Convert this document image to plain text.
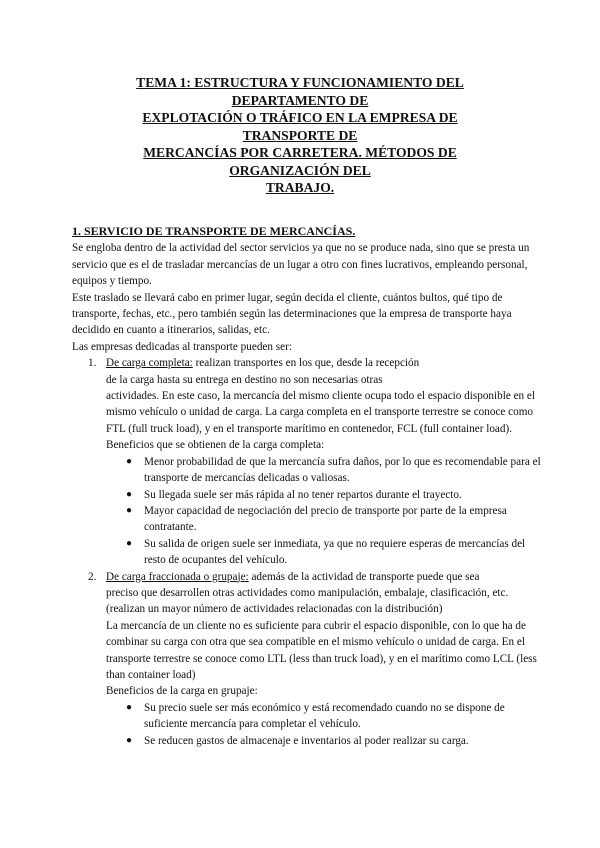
TEMA 1: ESTRUCTURA Y FUNCIONAMIENTO DEL
DEPARTAMENTO DE
EXPLOTACIÓN O TRÁFICO EN LA EMPRESA DE
TRANSPORTE DE
MERCANCÍAS POR CARRETERA. MÉTODOS DE
ORGANIZACIÓN DEL
TRABAJO.
1. SERVICIO DE TRANSPORTE DE MERCANCÍAS.

Se engloba dentro de la actividad del sector servicios ya que no se produce nada, sino que se presta un servicio que es el de trasladar mercancías de un lugar a otro con fines lucrativos, empleando personal, equipos y tiempo.

Este traslado se llevará cabo en primer lugar, según decida el cliente, cuántos bultos, qué tipo de transporte, fechas, etc., pero también según las determinaciones que la empresa de transporte haya decidido en cuanto a itinerarios, salidas, etc.

Las empresas dedicadas al transporte pueden ser:

1. De carga completa: realizan transportes en los que, desde la recepción
de la carga hasta su entrega en destino no son necesarias otras
actividades. En este caso, la mercancía del mismo cliente ocupa todo el espacio disponible en el mismo vehículo o unidad de carga. La carga completa en el transporte terrestre se conoce como FTL (full truck load), y en el transporte marítimo en contenedor, FCL (full container load).
Beneficios que se obtienen de la carga completa:
● Menor probabilidad de que la mercancía sufra daños, por lo que es recomendable para el transporte de mercancías delicadas o valiosas.
● Su llegada suele ser más rápida al no tener repartos durante el trayecto.
● Mayor capacidad de negociación del precio de transporte por parte de la empresa contratante.
● Su salida de origen suele ser inmediata, ya que no requiere esperas de mercancías del resto de ocupantes del vehículo.
2. De carga fraccionada o grupaje: además de la actividad de transporte puede que sea
preciso que desarrollen otras actividades como manipulación, embalaje, clasificación, etc.(realizan un mayor número de actividades relacionadas con la distribución)
La mercancía de un cliente no es suficiente para cubrir el espacio disponible, con lo que ha de combinar su carga con otra que sea compatible en el mismo vehículo o unidad de carga. En el transporte terrestre se conoce como LTL (less than truck load), y en el marítimo como LCL (less than container load)
Beneficios de la carga en grupaje:
● Su precio suele ser más económico y está recomendado cuando no se dispone de suficiente mercancía para completar el vehículo.
● Se reducen gastos de almacenaje e inventarios al poder realizar su carga.
